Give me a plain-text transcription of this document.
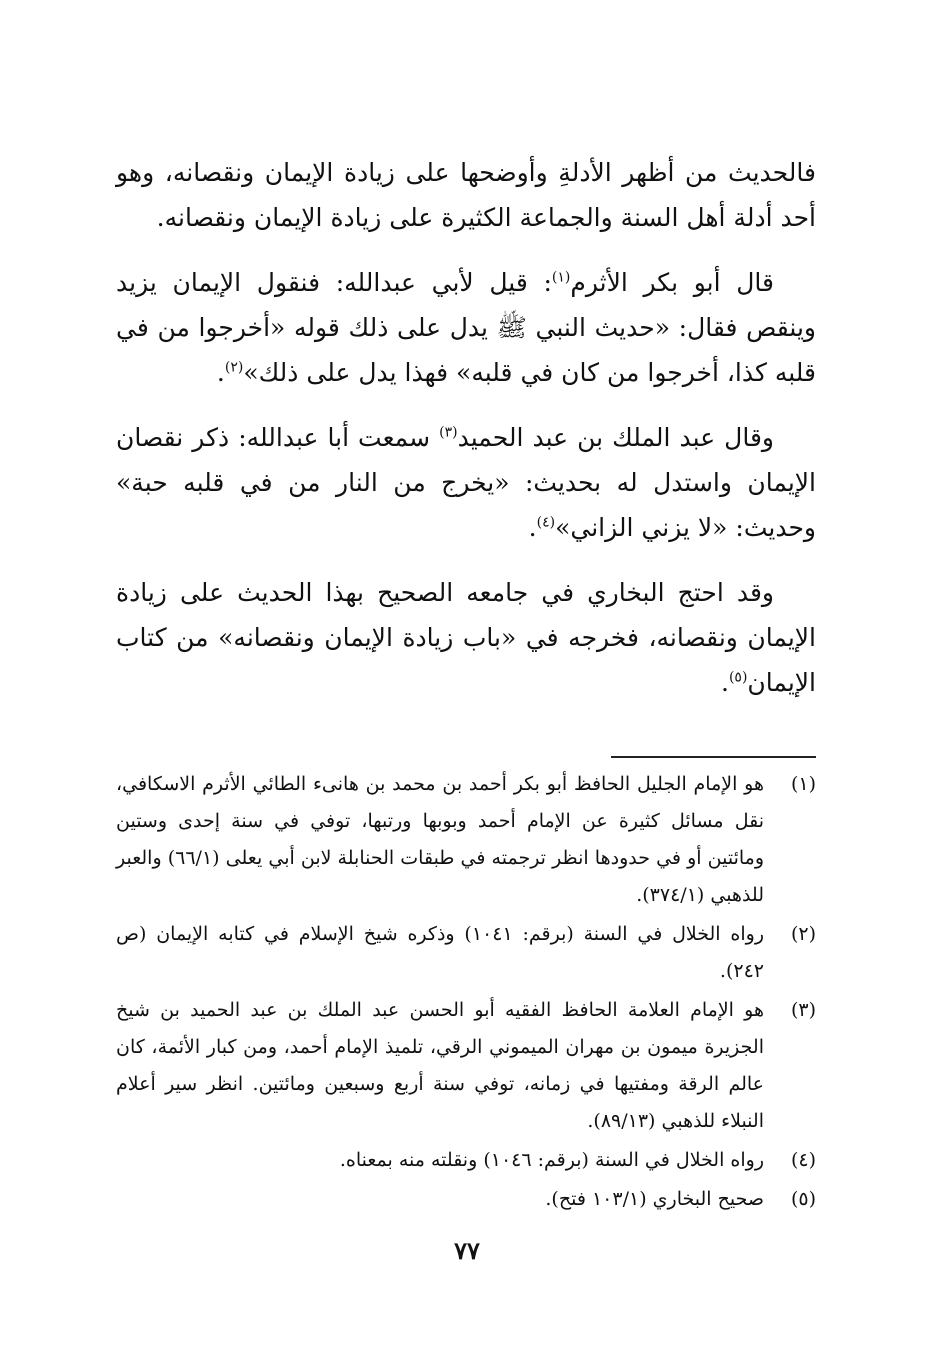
فالحديث من أظهر الأدلةِ وأوضحها على زيادة الإيمان ونقصانه، وهو أحد أدلة أهل السنة والجماعة الكثيرة على زيادة الإيمان ونقصانه.

قال أبو بكر الأثرم$^{(١)}$: قيل لأبي عبدالله: فنقول الإيمان يزيد وينقص فقال: «حديث النبي ﷺ يدل على ذلك قوله «أخرجوا من في قلبه كذا، أخرجوا من كان في قلبه» فهذا يدل على ذلك»$^{(٢)}$.

وقال عبد الملك بن عبد الحميد$^{(٣)}$ سمعت أبا عبدالله: ذكر نقصان الإيمان واستدل له بحديث: «يخرج من النار من في قلبه حبة» وحديث: «لا يزني الزاني»$^{(٤)}$.

وقد احتج البخاري في جامعه الصحيح بهذا الحديث على زيادة الإيمان ونقصانه، فخرجه في «باب زيادة الإيمان ونقصانه» من كتاب الإيمان$^{(٥)}$.

(١)
هو الإمام الجليل الحافظ أبو بكر أحمد بن محمد بن هانىء الطائي الأثرم الاسكافي، نقل مسائل كثيرة عن الإمام أحمد وبوبها ورتبها، توفي في سنة إحدى وستين ومائتين أو في حدودها انظر ترجمته في طبقات الحنابلة لابن أبي يعلى (٦٦/١) والعبر للذهبي (٣٧٤/١).
(٢)
رواه الخلال في السنة (برقم: ١٠٤١) وذكره شيخ الإسلام في كتابه الإيمان (ص ٢٤٢).
(٣)
هو الإمام العلامة الحافظ الفقيه أبو الحسن عبد الملك بن عبد الحميد بن شيخ الجزيرة ميمون بن مهران الميموني الرقي، تلميذ الإمام أحمد، ومن كبار الأئمة، كان عالم الرقة ومفتيها في زمانه، توفي سنة أربع وسبعين ومائتين. انظر سير أعلام النبلاء للذهبي (٨٩/١٣).
(٤)
رواه الخلال في السنة (برقم: ١٠٤٦) ونقلته منه بمعناه.
(٥)
صحيح البخاري (١٠٣/١ فتح).
٧٧
